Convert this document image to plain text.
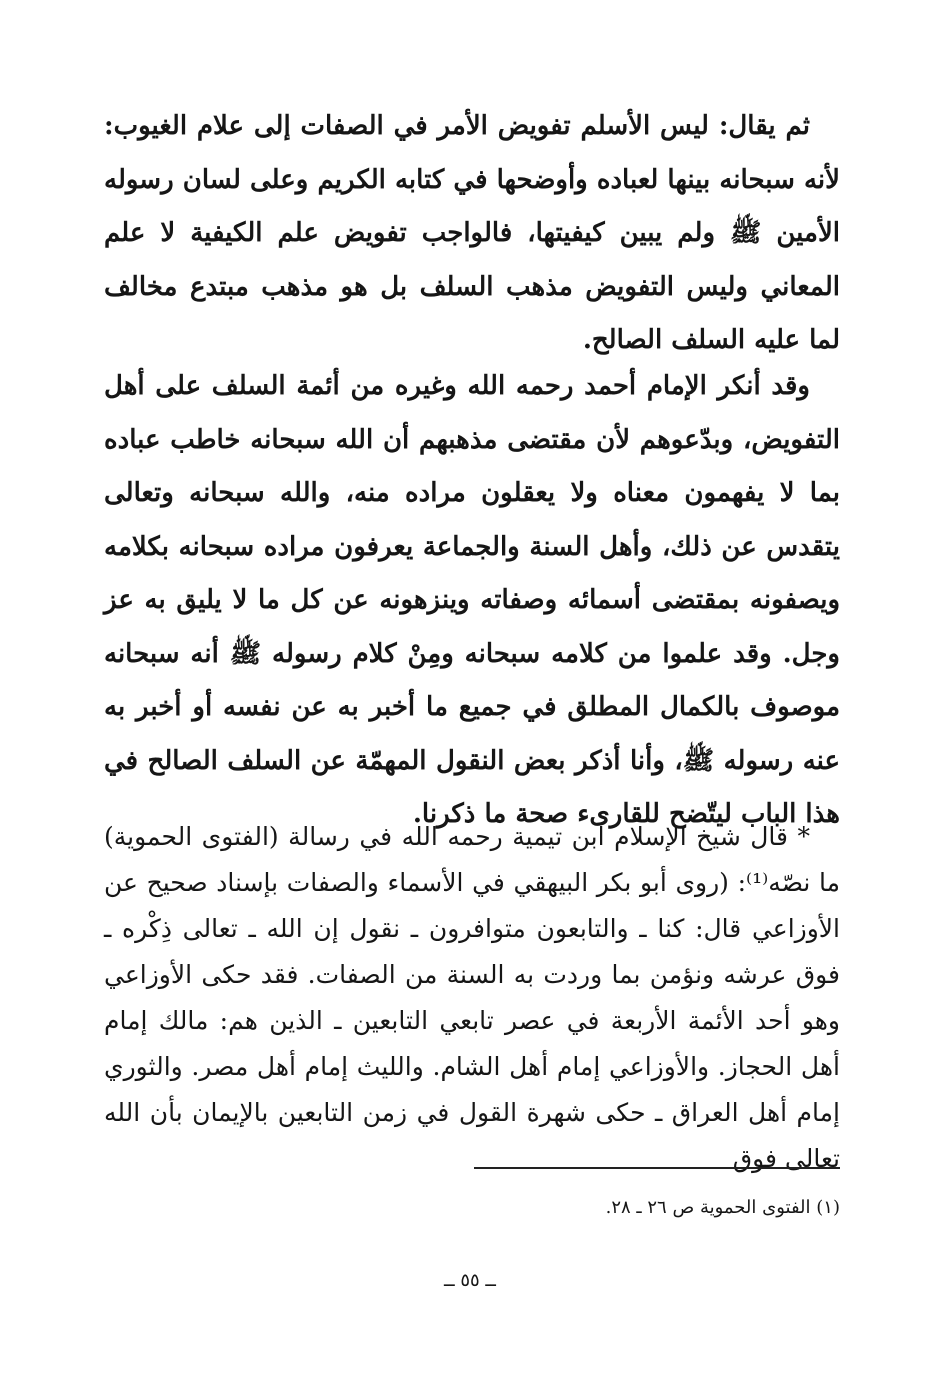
ثم يقال: ليس الأسلم تفويض الأمر في الصفات إلى علام الغيوب: لأنه سبحانه بينها لعباده وأوضحها في كتابه الكريم وعلى لسان رسوله الأمين ﷺ ولم يبين كيفيتها، فالواجب تفويض علم الكيفية لا علم المعاني وليس التفويض مذهب السلف بل هو مذهب مبتدع مخالف لما عليه السلف الصالح.

وقد أنكر الإمام أحمد رحمه الله وغيره من أئمة السلف على أهل التفويض، وبدّعوهم لأن مقتضى مذهبهم أن الله سبحانه خاطب عباده بما لا يفهمون معناه ولا يعقلون مراده منه، والله سبحانه وتعالى يتقدس عن ذلك، وأهل السنة والجماعة يعرفون مراده سبحانه بكلامه ويصفونه بمقتضى أسمائه وصفاته وينزهونه عن كل ما لا يليق به عز وجل. وقد علموا من كلامه سبحانه ومِنْ كلام رسوله ﷺ أنه سبحانه موصوف بالكمال المطلق في جميع ما أخبر به عن نفسه أو أخبر به عنه رسوله ﷺ، وأنا أذكر بعض النقول المهمّة عن السلف الصالح في هذا الباب ليتّضح للقارىء صحة ما ذكرنا.

* قال شيخ الإسلام ابن تيمية رحمه الله في رسالة (الفتوى الحموية) ما نصّه⁽¹⁾: (روى أبو بكر البيهقي في الأسماء والصفات بإسناد صحيح عن الأوزاعي قال: كنا ـ والتابعون متوافرون ـ نقول إن الله ـ تعالى ذِكْره ـ فوق عرشه ونؤمن بما وردت به السنة من الصفات. فقد حكى الأوزاعي وهو أحد الأئمة الأربعة في عصر تابعي التابعين ـ الذين هم: مالك إمام أهل الحجاز. والأوزاعي إمام أهل الشام. والليث إمام أهل مصر. والثوري إمام أهل العراق ـ حكى شهرة القول في زمن التابعين بالإيمان بأن الله تعالى فوق

(١) الفتوى الحموية ص ٢٦ ـ ٢٨.

ــ ٥٥ ــ
